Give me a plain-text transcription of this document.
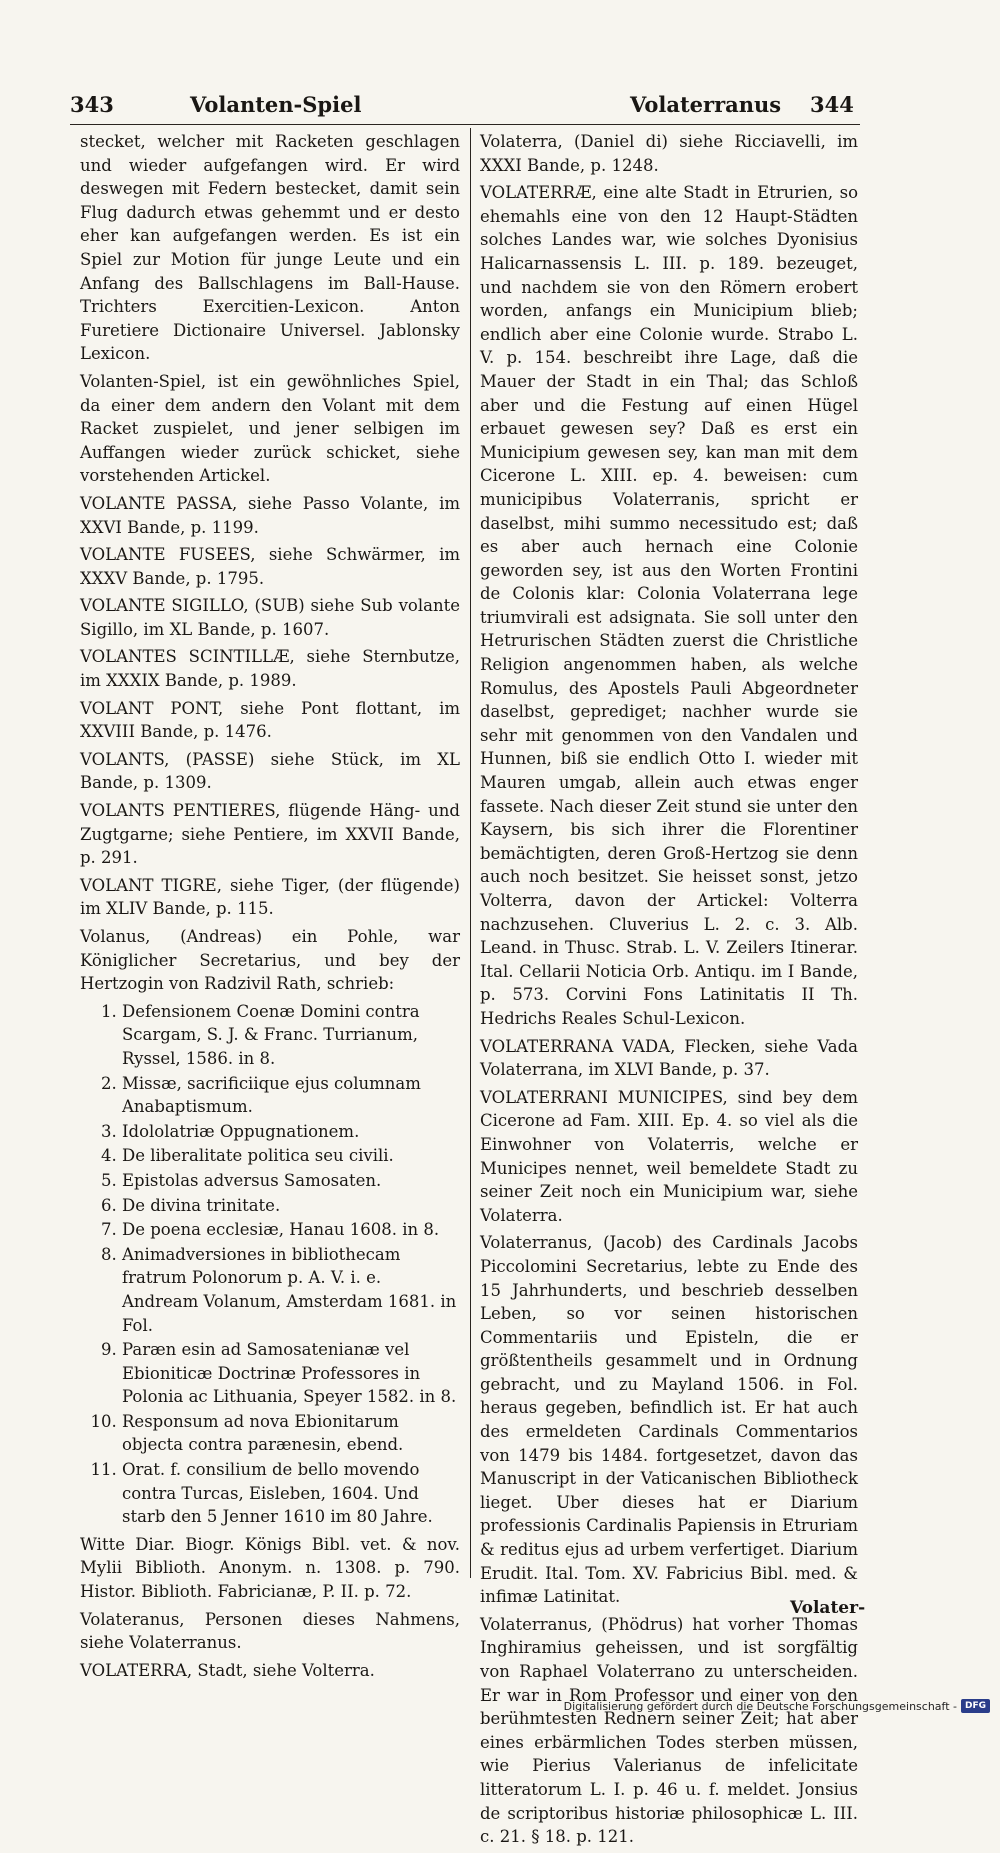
343	Volanten-Spiel	Volaterranus 344

stecket, welcher mit Racketen geschlagen und wieder aufgefangen wird. Er wird deswegen mit Federn bestecket, damit sein Flug dadurch etwas gehemmt und er desto eher kan aufgefangen werden. Es ist ein Spiel zur Motion für junge Leute und ein Anfang des Ballschlagens im Ball-Hause. Trichters Exercitien-Lexicon. Anton Furetiere Dictionaire Universel. Jablonsky Lexicon.

Volanten-Spiel, ist ein gewöhnliches Spiel, da einer dem andern den Volant mit dem Racket zuspielet, und jener selbigen im Auffangen wieder zurück schicket, siehe vorstehenden Artickel.

VOLANTE PASSA, siehe Passo Volante, im XXVI Bande, p. 1199.

VOLANTE FUSEES, siehe Schwärmer, im XXXV Bande, p. 1795.

VOLANTE SIGILLO, (SUB) siehe Sub volante Sigillo, im XL Bande, p. 1607.

VOLANTES SCINTILLÆ, siehe Sternbutze, im XXXIX Bande, p. 1989.

VOLANT PONT, siehe Pont flottant, im XXVIII Bande, p. 1476.

VOLANTS, (PASSE) siehe Stück, im XL Bande, p. 1309.

VOLANTS PENTIERES, flügende Häng- und Zugtgarne; siehe Pentiere, im XXVII Bande, p. 291.

VOLANT TIGRE, siehe Tiger, (der flügende) im XLIV Bande, p. 115.

Volanus, (Andreas) ein Pohle, war Königlicher Secretarius, und bey der Hertzogin von Radzivil Rath, schrieb:

1. Defensionem Coenæ Domini contra Scargam, S. J. & Franc. Turrianum, Ryssel, 1586. in 8.
2. Missæ, sacrificiique ejus columnam Anabaptismum.
3. Idololatriæ Oppugnationem.
4. De liberalitate politica seu civili.
5. Epistolas adversus Samosaten.
6. De divina trinitate.
7. De poena ecclesiæ, Hanau 1608. in 8.
8. Animadversiones in bibliothecam fratrum Polonorum p. A. V. i. e. Andream Volanum, Amsterdam 1681. in Fol.
9. Paræn esin ad Samosatenianæ vel Ebioniticæ Doctrinæ Professores in Polonia ac Lithuania, Speyer 1582. in 8.
10. Responsum ad nova Ebionitarum objecta contra parænesin, ebend.
11. Orat. f. consilium de bello movendo contra Turcas, Eisleben, 1604. Und starb den 5 Jenner 1610 im 80 Jahre.

Witte Diar. Biogr. Königs Bibl. vet. & nov. Mylii Biblioth. Anonym. n. 1308. p. 790. Histor. Biblioth. Fabricianæ, P. II. p. 72.

Volateranus, Personen dieses Nahmens, siehe Volaterranus.

VOLATERRA, Stadt, siehe Volterra.

Volaterra, (Daniel di) siehe Ricciavelli, im XXXI Bande, p. 1248.

VOLATERRÆ, eine alte Stadt in Etrurien, so ehemahls eine von den 12 Haupt-Städten solches Landes war, wie solches Dyonisius Halicarnassensis L. III. p. 189. bezeuget, und nachdem sie von den Römern erobert worden, anfangs ein Municipium blieb; endlich aber eine Colonie wurde. Strabo L. V. p. 154. beschreibt ihre Lage, daß die Mauer der Stadt in ein Thal; das Schloß aber und die Festung auf einen Hügel erbauet gewesen sey? Daß es erst ein Municipium gewesen sey, kan man mit dem Cicerone L. XIII. ep. 4. beweisen: cum municipibus Volaterranis, spricht er daselbst, mihi summo necessitudo est; daß es aber auch hernach eine Colonie geworden sey, ist aus den Worten Frontini de Colonis klar: Colonia Volaterrana lege triumvirali est adsignata. Sie soll unter den Hetrurischen Städten zuerst die Christliche Religion angenommen haben, als welche Romulus, des Apostels Pauli Abgeordneter daselbst, geprediget; nachher wurde sie sehr mit genommen von den Vandalen und Hunnen, biß sie endlich Otto I. wieder mit Mauren umgab, allein auch etwas enger fassete. Nach dieser Zeit stund sie unter den Kaysern, bis sich ihrer die Florentiner bemächtigten, deren Groß-Hertzog sie denn auch noch besitzet. Sie heisset sonst, jetzo Volterra, davon der Artickel: Volterra nachzusehen. Cluverius L. 2. c. 3. Alb. Leand. in Thusc. Strab. L. V. Zeilers Itinerar. Ital. Cellarii Noticia Orb. Antiqu. im I Bande, p. 573. Corvini Fons Latinitatis II Th. Hedrichs Reales Schul-Lexicon.

VOLATERRANA VADA, Flecken, siehe Vada Volaterrana, im XLVI Bande, p. 37.

VOLATERRANI MUNICIPES, sind bey dem Cicerone ad Fam. XIII. Ep. 4. so viel als die Einwohner von Volaterris, welche er Municipes nennet, weil bemeldete Stadt zu seiner Zeit noch ein Municipium war, siehe Volaterra.

Volaterranus, (Jacob) des Cardinals Jacobs Piccolomini Secretarius, lebte zu Ende des 15 Jahrhunderts, und beschrieb desselben Leben, so vor seinen historischen Commentariis und Episteln, die er größtentheils gesammelt und in Ordnung gebracht, und zu Mayland 1506. in Fol. heraus gegeben, befindlich ist. Er hat auch des ermeldeten Cardinals Commentarios von 1479 bis 1484. fortgesetzet, davon das Manuscript in der Vaticanischen Bibliotheck lieget. Uber dieses hat er Diarium professionis Cardinalis Papiensis in Etruriam & reditus ejus ad urbem verfertiget. Diarium Erudit. Ital. Tom. XV. Fabricius Bibl. med. & infimæ Latinitat.

Volaterranus, (Phödrus) hat vorher Thomas Inghiramius geheissen, und ist sorgfältig von Raphael Volaterrano zu unterscheiden. Er war in Rom Professor und einer von den berühmtesten Rednern seiner Zeit; hat aber eines erbärmlichen Todes sterben müssen, wie Pierius Valerianus de infelicitate litteratorum L. I. p. 46 u. f. meldet. Jonsius de scriptoribus historiæ philosophicæ L. III. c. 21. § 18. p. 121.

Volater-
Digitalisierung gefördert durch die Deutsche Forschungsgemeinschaft - DFG
